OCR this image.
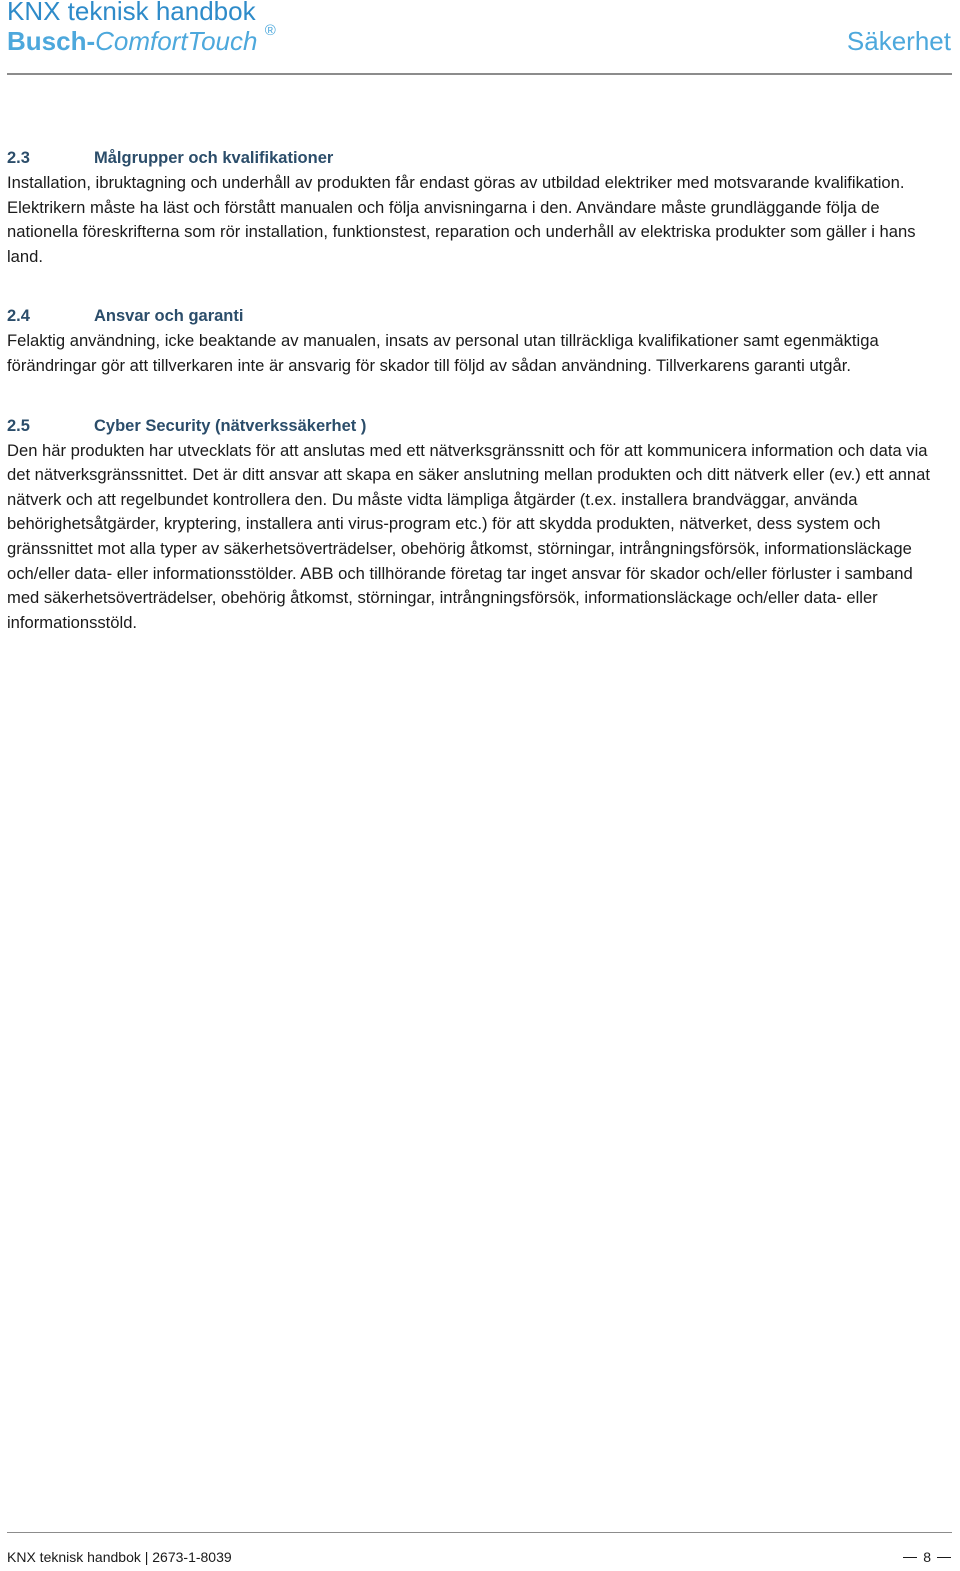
KNX teknisk handbok
Busch-ComfortTouch ®	Säkerhet
2.3	Målgrupper och kvalifikationer
Installation, ibruktagning och underhåll av produkten får endast göras av utbildad elektriker med motsvarande kvalifikation. Elektrikern måste ha läst och förstått manualen och följa anvisningarna i den. Användare måste grundläggande följa de nationella föreskrifterna som rör installation, funktionstest, reparation och underhåll av elektriska produkter som gäller i hans land.
2.4	Ansvar och garanti
Felaktig användning, icke beaktande av manualen, insats av personal utan tillräckliga kvalifikationer samt egenmäktiga förändringar gör att tillverkaren inte är ansvarig för skador till följd av sådan användning. Tillverkarens garanti utgår.
2.5	Cyber Security (nätverkssäkerhet )
Den här produkten har utvecklats för att anslutas med ett nätverksgränssnitt och för att kommunicera information och data via det nätverksgränssnittet. Det är ditt ansvar att skapa en säker anslutning mellan produkten och ditt nätverk eller (ev.) ett annat nätverk och att regelbundet kontrollera den. Du måste vidta lämpliga åtgärder (t.ex. installera brandväggar, använda behörighetsåtgärder, kryptering, installera anti virus-program etc.) för att skydda produkten, nätverket, dess system och gränssnittet mot alla typer av säkerhetsöverträdelser, obehörig åtkomst, störningar, intrångningsförsök, informationsläckage och/eller data- eller informationsstölder. ABB och tillhörande företag tar inget ansvar för skador och/eller förluster i samband med säkerhetsöverträdelser, obehörig åtkomst, störningar, intrångningsförsök, informationsläckage och/eller data- eller informationsstöld.
KNX teknisk handbok | 2673-1-8039	8
